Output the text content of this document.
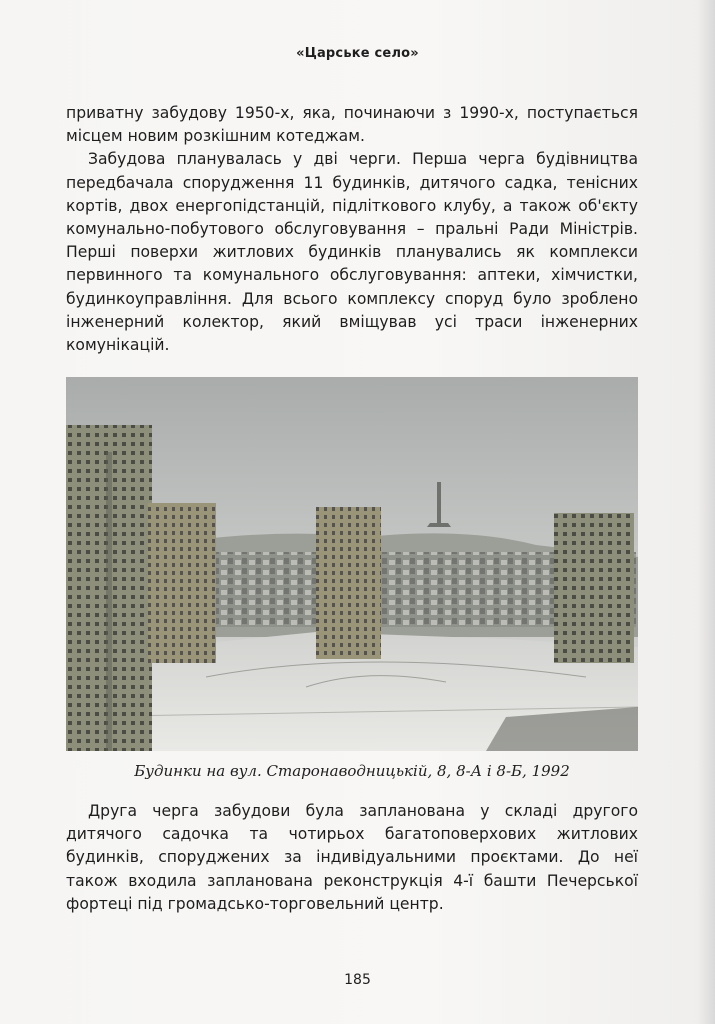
«Царське село»

приватну забудову 1950-х, яка, починаючи з 1990-х, поступається місцем новим розкішним котеджам.

Забудова планувалась у дві черги. Перша черга будівництва передбачала спорудження 11 будинків, дитячого садка, тенісних кортів, двох енергопідстанцій, підліткового клубу, а також об'єкту комунально-побутового обслуговування – пральні Ради Міністрів. Перші поверхи житлових будинків планувались як комплекси первинного та комунального обслуговування: аптеки, хімчистки, будинкоуправління. Для всього комплексу споруд було зроблено інженерний колектор, який вміщував усі траси інженерних комунікацій.

Будинки на вул. Старонаводницькій, 8, 8-А і 8-Б, 1992

Друга черга забудови була запланована у складі другого дитячого садочка та чотирьох багатоповерхових житлових будинків, споруджених за індивідуальними проєктами. До неї також входила запланована реконструкція 4-ї башти Печерської фортеці під громадсько-торговельний центр.

185
